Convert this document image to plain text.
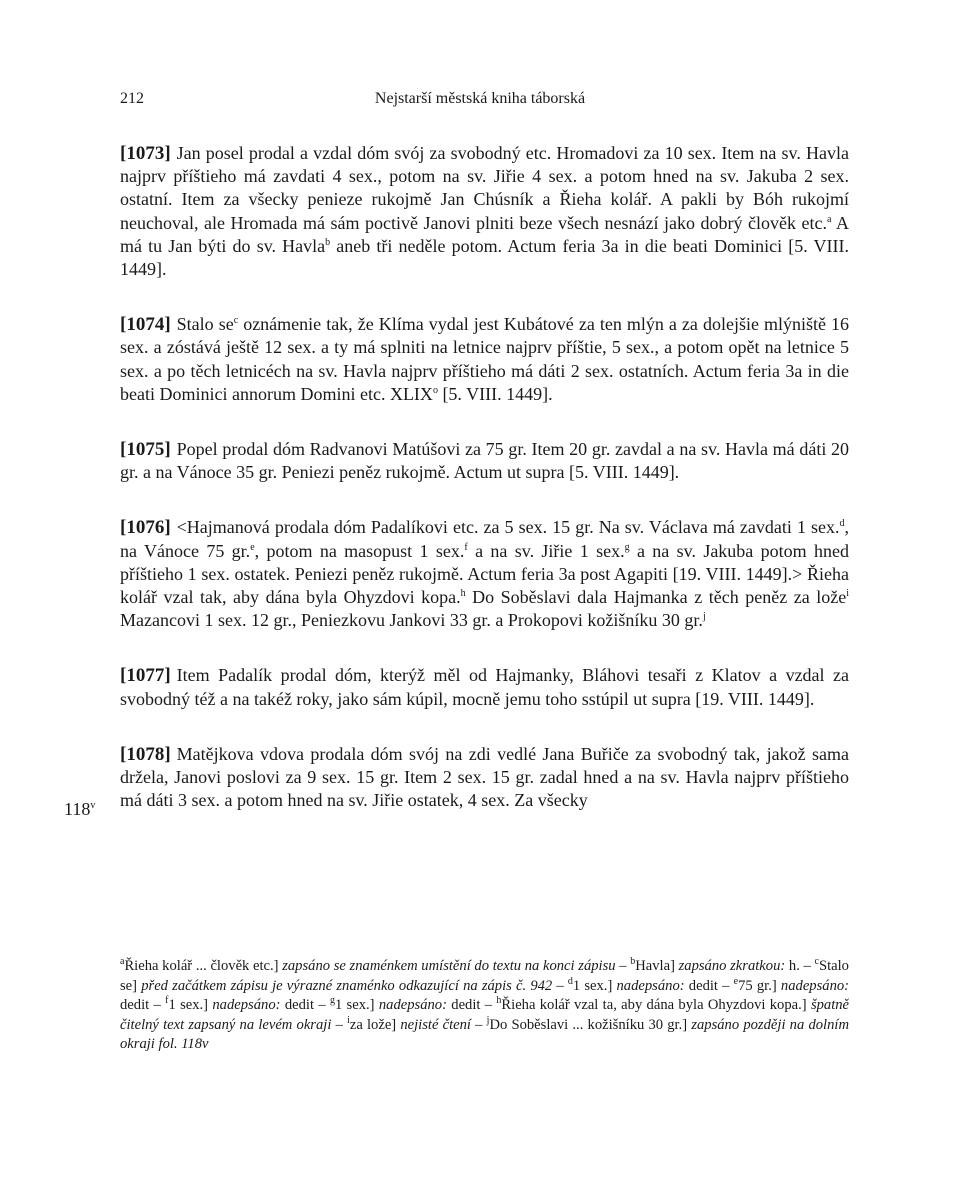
212	Nejstarší městská kniha táborská
118$^v$

[1073] Jan posel prodal a vzdal dóm svój za svobodný etc. Hromadovi za 10 sex. Item na sv. Havla najprv příštieho má zavdati 4 sex., potom na sv. Jiřie 4 sex. a potom hned na sv. Jakuba 2 sex. ostatní. Item za všecky penieze rukojmě Jan Chúsník a Řieha kolář. A pakli by Bóh rukojmí neuchoval, ale Hromada má sám poctivě Janovi plniti beze všech nesnází jako dobrý člověk etc.$^a$ A má tu Jan býti do sv. Havla$^b$ aneb tři neděle potom. Actum feria 3a in die beati Dominici [5. VIII. 1449].

[1074] Stalo $se^c$ oznámenie tak, že Klíma vydal jest Kubátové za ten mlýn a za dolejšie mlýniště 16 sex. a zóstává ještě 12 sex. a ty má splniti na letnice najprv příštie, 5 sex., a potom opět na letnice 5 sex. a po těch letnicéch na sv. Havla najprv příštieho má dáti 2 sex. ostatních. Actum feria 3a in die beati Dominici annorum Domini etc. XLIX$^o$ [5. VIII. 1449].

[1075] Popel prodal dóm Radvanovi Matúšovi za 75 gr. Item 20 gr. zavdal a na sv. Havla má dáti 20 gr. a na Vánoce 35 gr. Peniezi peněz rukojmě. Actum ut supra [5. VIII. 1449].

[1076] <Hajmanová prodala dóm Padalíkovi etc. za 5 sex. 15 gr. Na sv. Václava má zavdati 1 sex.$^d$, na Vánoce 75 gr.$^e$, potom na masopust 1 sex.$^f$ a na sv. Jiřie 1 sex.$^g$ a na sv. Jakuba potom hned příštieho 1 sex. ostatek. Peniezi peněz rukojmě. Actum feria 3a post Agapiti [19. VIII. 1449].> Řieha kolář vzal tak, aby dána byla Ohyzdovi kopa.$^h$ Do Soběslavi dala Hajmanka z těch peněz za lože$^i$ Mazancovi 1 sex. 12 gr., Peniezkovu Jankovi 33 gr. a Prokopovi kožišníku 30 gr.$^j$

[1077] Item Padalík prodal dóm, kterýž měl od Hajmanky, Bláhovi tesaři z Klatov a vzdal za svobodný též a na takéž roky, jako sám kúpil, mocně jemu toho sstúpil ut supra [19. VIII. 1449].

[1078] Matějkova vdova prodala dóm svój na zdi vedlé Jana Buřiče za svobodný tak, jakož sama držela, Janovi poslovi za 9 sex. 15 gr. Item 2 sex. 15 gr. zadal hned a na sv. Havla najprv příštieho má dáti 3 sex. a potom hned na sv. Jiřie ostatek, 4 sex. Za všecky

$^a$Řieha kolář ... člověk etc.] zapsáno se znaménkem umístění do textu na konci zápisu – $^b$Havla] zapsáno zkratkou: h. – $^c$Stalo se] před začátkem zápisu je výrazné znaménko odkazující na zápis č. 942 – $^d$1 sex.] nadepsáno: dedit – $^e$75 gr.] nadepsáno: dedit – $^f$1 sex.] nadepsáno: dedit – $^g$1 sex.] nadepsáno: dedit – $^h$Řieha kolář vzal ta, aby dána byla Ohyzdovi kopa.] špatně čitelný text zapsaný na levém okraji – $^i$za lože] nejisté čtení – $^j$Do Soběslavi ... kožišníku 30 gr.] zapsáno později na dolním okraji fol. 118v
